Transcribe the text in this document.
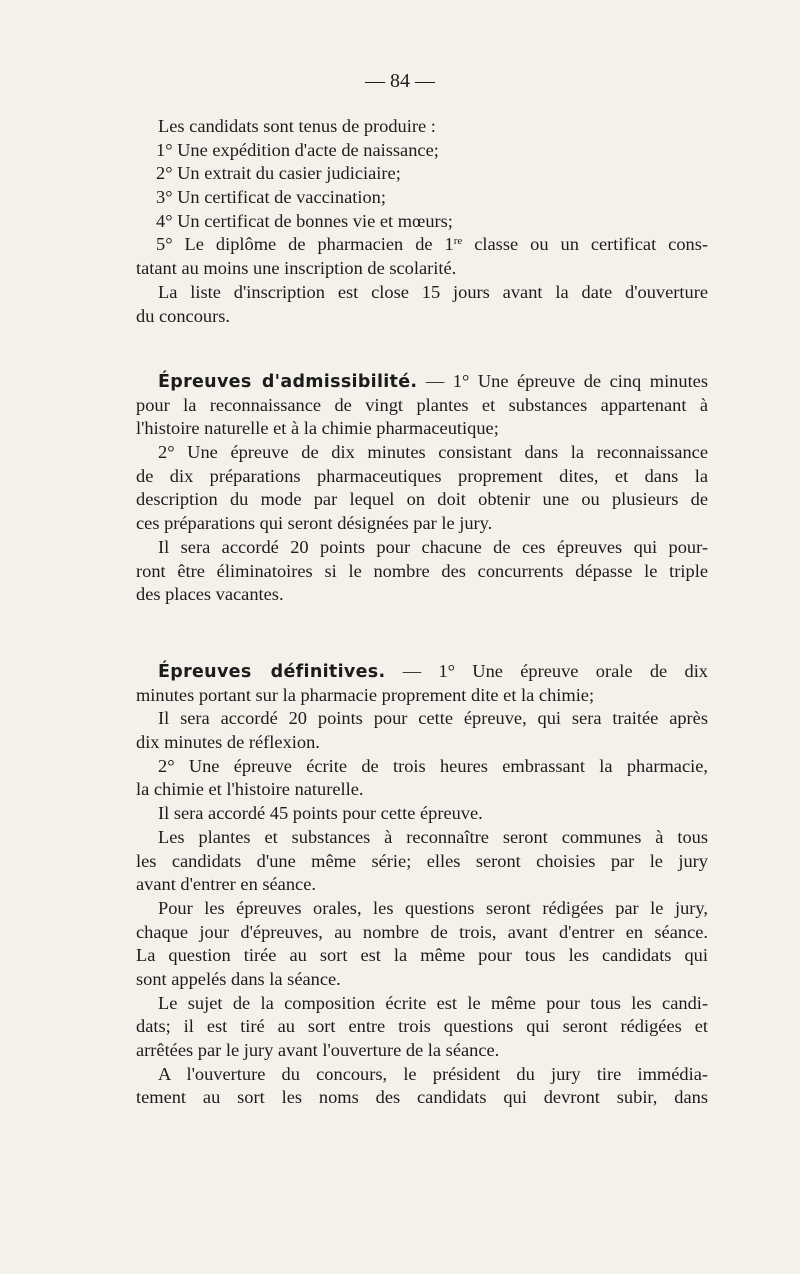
— 84 —
Les candidats sont tenus de produire :
1° Une expédition d'acte de naissance;
2° Un extrait du casier judiciaire;
3° Un certificat de vaccination;
4° Un certificat de bonnes vie et mœurs;
5° Le diplôme de pharmacien de 1re classe ou un certificat cons-
tatant au moins une inscription de scolarité.
La liste d'inscription est close 15 jours avant la date d'ouverture
du concours.
Épreuves d'admissibilité. — 1° Une épreuve de cinq minutes
pour la reconnaissance de vingt plantes et substances appartenant à
l'histoire naturelle et à la chimie pharmaceutique;
2° Une épreuve de dix minutes consistant dans la reconnaissance
de dix préparations pharmaceutiques proprement dites, et dans la
description du mode par lequel on doit obtenir une ou plusieurs de
ces préparations qui seront désignées par le jury.
Il sera accordé 20 points pour chacune de ces épreuves qui pour-
ront être éliminatoires si le nombre des concurrents dépasse le triple
des places vacantes.
Épreuves définitives. — 1° Une épreuve orale de dix
minutes portant sur la pharmacie proprement dite et la chimie;
Il sera accordé 20 points pour cette épreuve, qui sera traitée après
dix minutes de réflexion.
2° Une épreuve écrite de trois heures embrassant la pharmacie,
la chimie et l'histoire naturelle.
Il sera accordé 45 points pour cette épreuve.
Les plantes et substances à reconnaître seront communes à tous
les candidats d'une même série; elles seront choisies par le jury
avant d'entrer en séance.
Pour les épreuves orales, les questions seront rédigées par le jury,
chaque jour d'épreuves, au nombre de trois, avant d'entrer en séance.
La question tirée au sort est la même pour tous les candidats qui
sont appelés dans la séance.
Le sujet de la composition écrite est le même pour tous les candi-
dats; il est tiré au sort entre trois questions qui seront rédigées et
arrêtées par le jury avant l'ouverture de la séance.
A l'ouverture du concours, le président du jury tire immédia-
tement au sort les noms des candidats qui devront subir, dans
